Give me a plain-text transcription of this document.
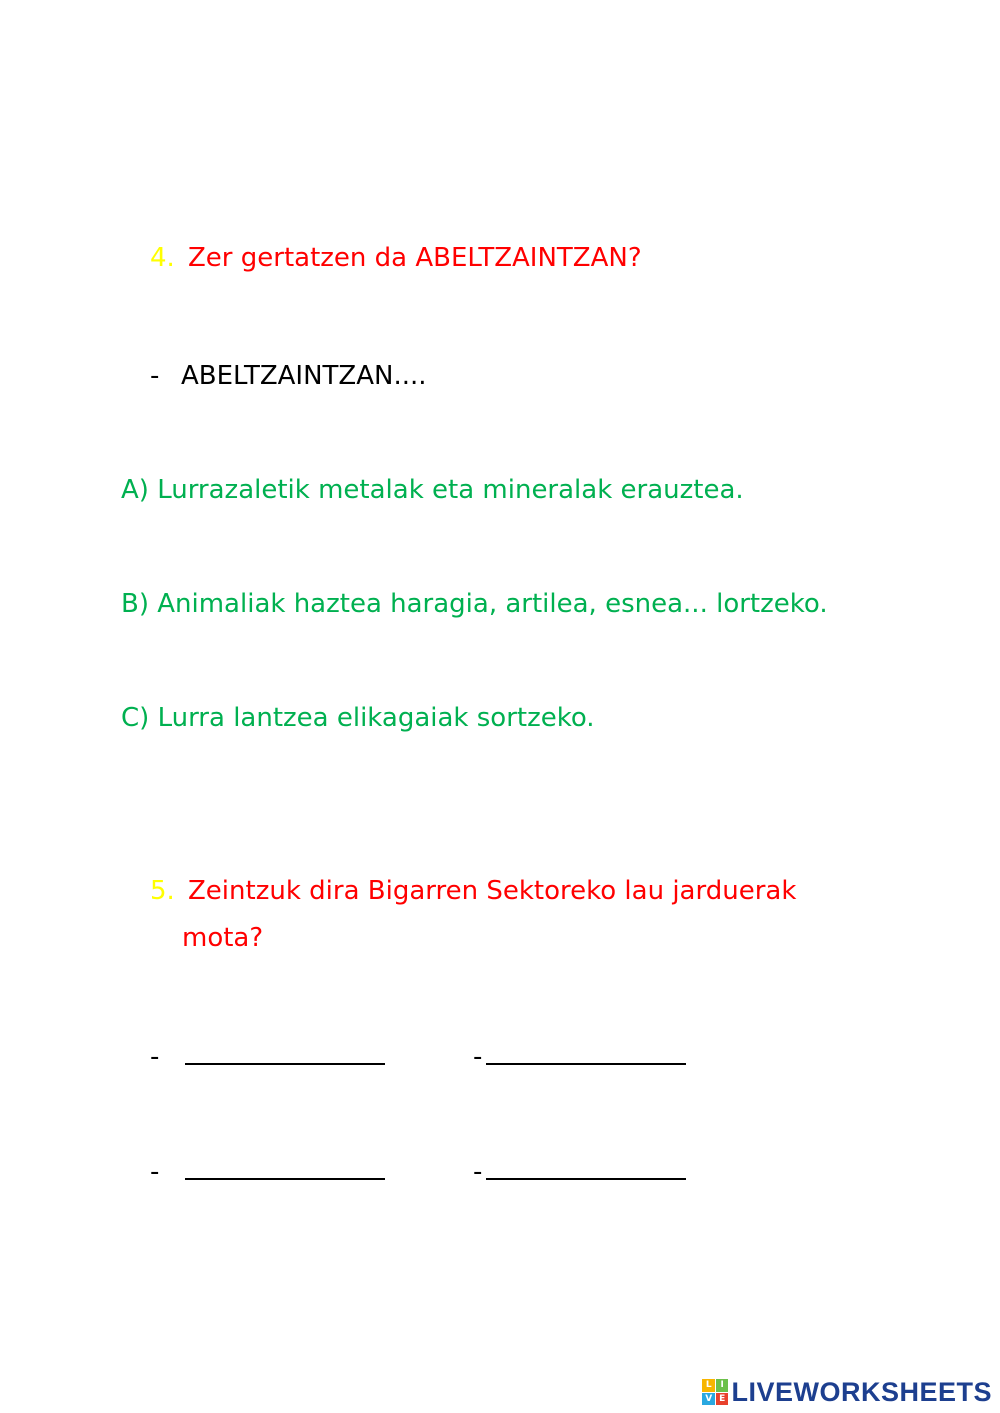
4. Zer gertatzen da ABELTZAINTZAN?
- ABELTZAINTZAN....
A) Lurrazaletik metalak eta mineralak erauztea.
B) Animaliak haztea haragia, artilea, esnea... lortzeko.
C) Lurra lantzea elikagaiak sortzeko.
5. Zeintzuk dira Bigarren Sektoreko lau jarduerak
mota?
-	-
-	-
L I
V E LIVEWORKSHEETS
